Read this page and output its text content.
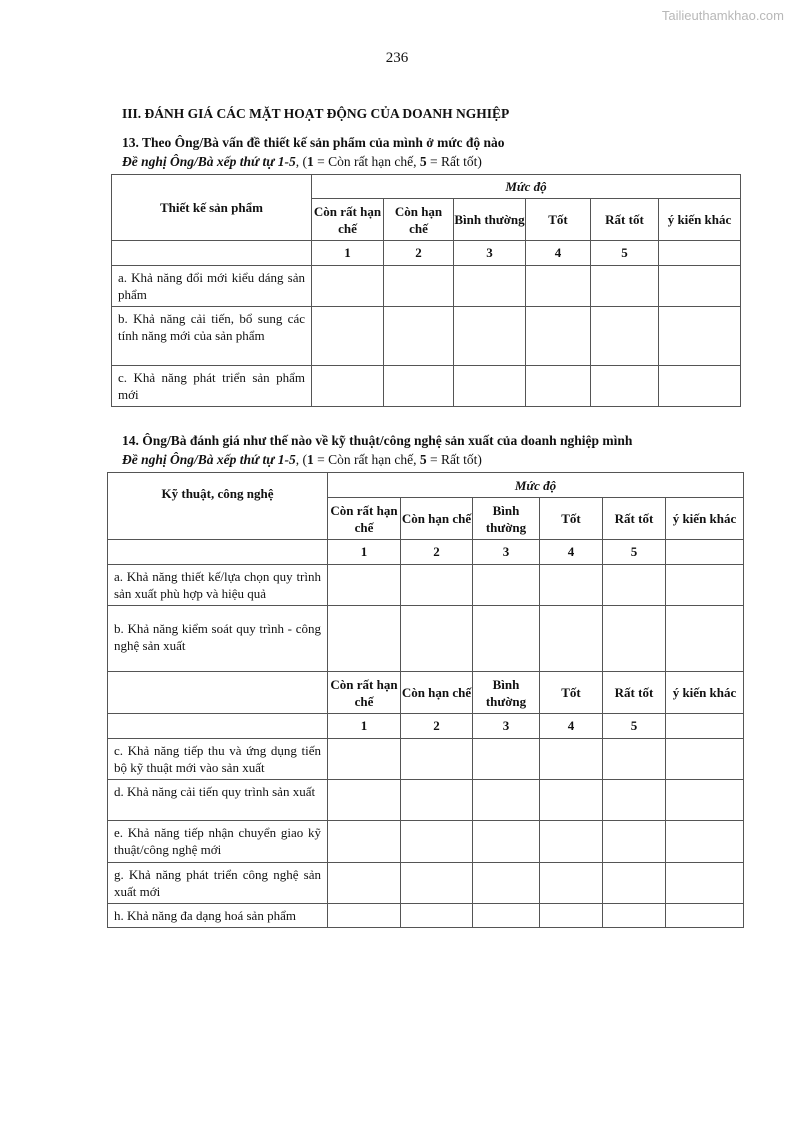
Tailieuthamkhao.com
236
III. ĐÁNH GIÁ CÁC MẶT HOẠT ĐỘNG CỦA DOANH NGHIỆP
13. Theo Ông/Bà vấn đề thiết kế sản phẩm của mình ở mức độ nào
Đề nghị Ông/Bà xếp thứ tự 1-5, (1 = Còn rất hạn chế, 5 = Rất tốt)
Thiết kế sản phẩm	Mức độ					
	Còn rất hạn chế	Còn hạn chế	Bình thường	Tốt	Rất tốt	ý kiến khác
	1	2	3	4	5	
a. Khả năng đổi mới kiểu dáng sản phẩm						
b. Khả năng cải tiến, bổ sung các tính năng mới của sản phẩm						
c. Khả năng phát triển sản phẩm mới						
14. Ông/Bà đánh giá như thế nào về kỹ thuật/công nghệ sản xuất của doanh nghiệp mình
Đề nghị Ông/Bà xếp thứ tự 1-5, (1 = Còn rất hạn chế, 5 = Rất tốt)
Kỹ thuật, công nghệ	Mức độ					
	Còn rất hạn chế	Còn hạn chế	Bình thường	Tốt	Rất tốt	ý kiến khác
	1	2	3	4	5	
a. Khả năng thiết kế/lựa chọn quy trình sản xuất phù hợp và hiệu quả						
b. Khả năng kiểm soát quy trình - công nghệ sản xuất						
	Còn rất hạn chế	Còn hạn chế	Bình thường	Tốt	Rất tốt	ý kiến khác
	1	2	3	4	5	
c. Khả năng tiếp thu và ứng dụng tiến bộ kỹ thuật mới vào sản xuất						
d. Khả năng cải tiến quy trình sản xuất						
e. Khả năng tiếp nhận chuyển giao kỹ thuật/công nghệ mới						
g. Khả năng phát triển công nghệ sản xuất mới						
h. Khả năng đa dạng hoá sản phẩm						
